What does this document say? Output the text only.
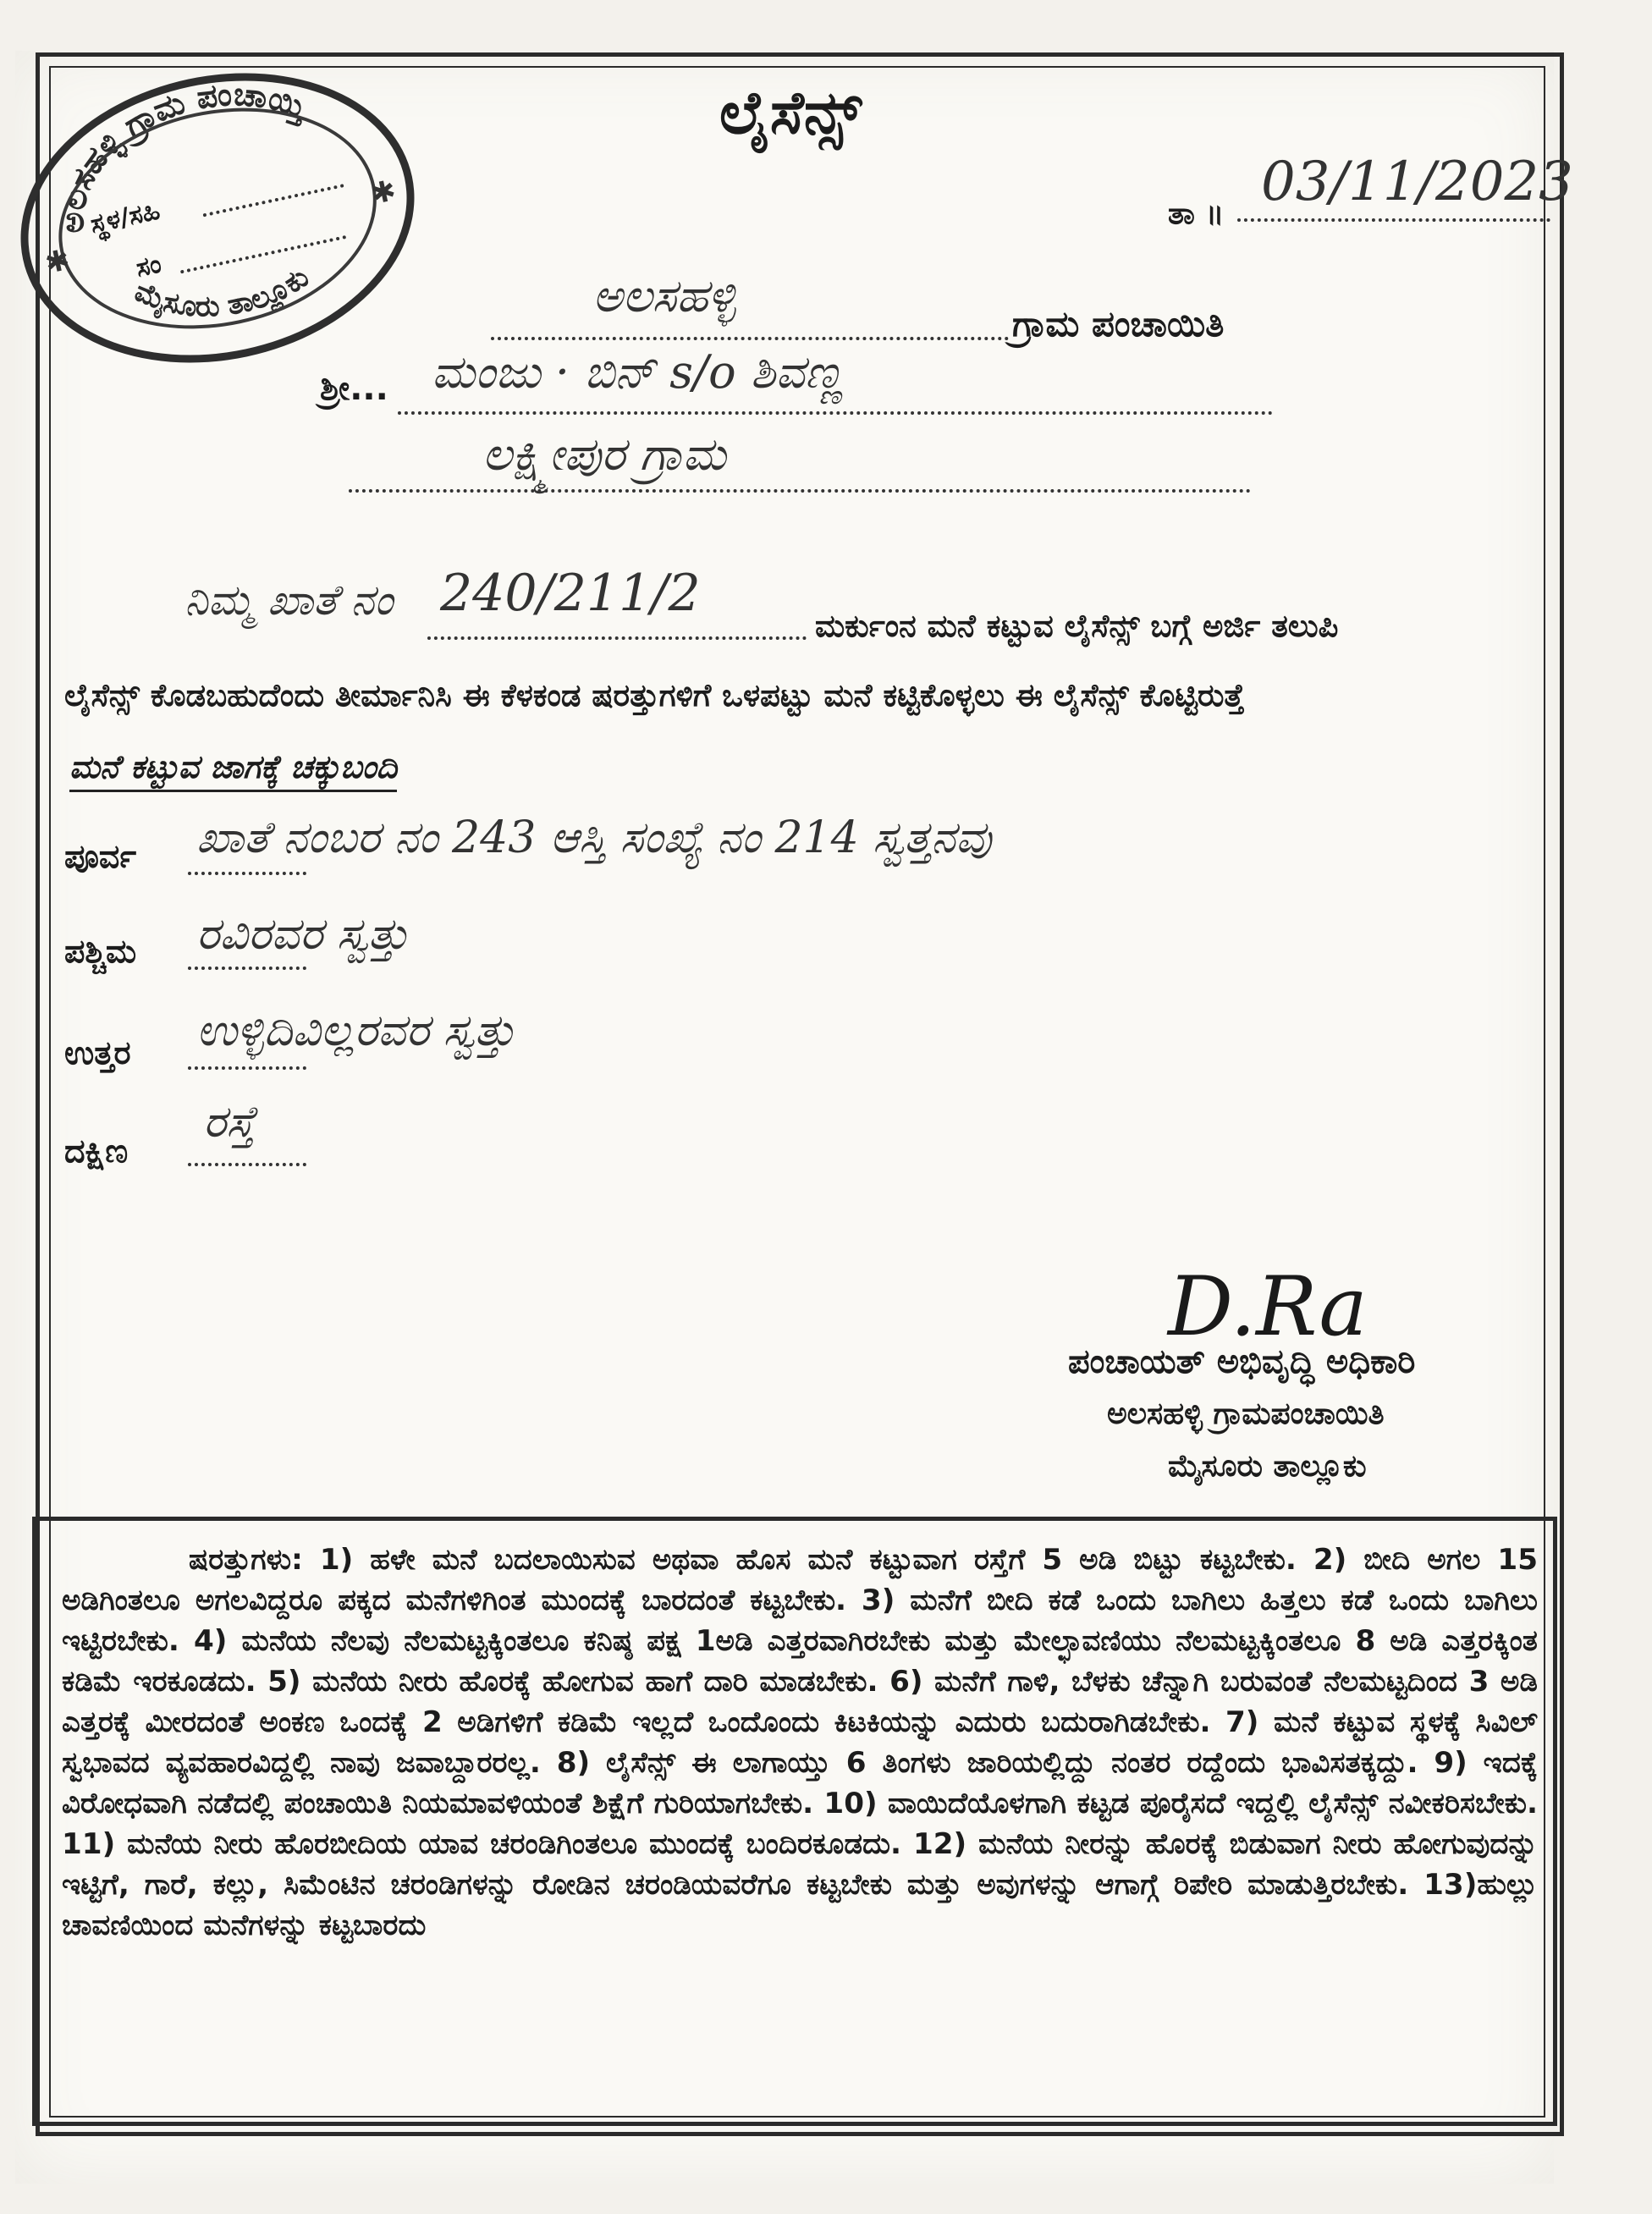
ಅಲಸಹಳ್ಳಿ ಗ್ರಾಮ ಪಂಚಾಯ್ತಿ
ಮೈಸೂರು ತಾಲ್ಲೂಕು
ಸ್ಥಳ/ಸಹಿ
ಸಂ
✱
✱
ಲೈಸೆನ್ಸ್
ತಾ ॥
03/11/2023
ಅಲಸಹಳ್ಳಿ
ಗ್ರಾಮ ಪಂಚಾಯಿತಿ
ಶ್ರೀ... ಮಂಜು · ಬಿನ್ s/o ಶಿವಣ್ಣ
ಲಕ್ಷ್ಮೀಪುರ ಗ್ರಾಮ
ನಿಮ್ಮ ಖಾತೆ ನಂ 240/211/2
ಮರ್ಕುಂನ ಮನೆ ಕಟ್ಟುವ ಲೈಸೆನ್ಸ್ ಬಗ್ಗೆ ಅರ್ಜಿ ತಲುಪಿ
ಲೈಸೆನ್ಸ್ ಕೊಡಬಹುದೆಂದು ತೀರ್ಮಾನಿಸಿ ಈ ಕೆಳಕಂಡ ಷರತ್ತುಗಳಿಗೆ ಒಳಪಟ್ಟು ಮನೆ ಕಟ್ಟಿಕೊಳ್ಳಲು ಈ ಲೈಸೆನ್ಸ್ ಕೊಟ್ಟಿರುತ್ತೆ
ಮನೆ ಕಟ್ಟುವ ಜಾಗಕ್ಕೆ ಚಕ್ಕುಬಂದಿ
ಪೂರ್ವ ಖಾತೆ ನಂಬರ ನಂ 243 ಆಸ್ತಿ ಸಂಖ್ಯೆ ನಂ 214 ಸ್ವತ್ತನವು
ಪಶ್ಚಿಮ ರವಿರವರ ಸ್ವತ್ತು
ಉತ್ತರ ಉಳ್ಳಿದಿವಿಲ್ಲರವರ ಸ್ವತ್ತು
ದಕ್ಷಿಣ
ರಸ್ತೆ
D.Ra
ಪಂಚಾಯತ್ ಅಭಿವೃದ್ಧಿ ಅಧಿಕಾರಿ
ಅಲಸಹಳ್ಳಿ ಗ್ರಾಮಪಂಚಾಯಿತಿ
ಮೈಸೂರು ತಾಲ್ಲೂಕು

ಷರತ್ತುಗಳು: 1) ಹಳೇ ಮನೆ ಬದಲಾಯಿಸುವ ಅಥವಾ ಹೊಸ ಮನೆ ಕಟ್ಟುವಾಗ ರಸ್ತೆಗೆ 5 ಅಡಿ ಬಿಟ್ಟು ಕಟ್ಟಬೇಕು. 2) ಬೀದಿ ಅಗಲ 15 ಅಡಿಗಿಂತಲೂ ಅಗಲವಿದ್ದರೂ ಪಕ್ಕದ ಮನೆಗಳಿಗಿಂತ ಮುಂದಕ್ಕೆ ಬಾರದಂತೆ ಕಟ್ಟಬೇಕು. 3) ಮನೆಗೆ ಬೀದಿ ಕಡೆ ಒಂದು ಬಾಗಿಲು ಹಿತ್ತಲು ಕಡೆ ಒಂದು ಬಾಗಿಲು ಇಟ್ಟಿರಬೇಕು. 4) ಮನೆಯ ನೆಲವು ನೆಲಮಟ್ಟಕ್ಕಿಂತಲೂ ಕನಿಷ್ಠ ಪಕ್ಷ 1ಅಡಿ ಎತ್ತರವಾಗಿರಬೇಕು ಮತ್ತು ಮೇಲ್ಛಾವಣಿಯು ನೆಲಮಟ್ಟಕ್ಕಿಂತಲೂ 8 ಅಡಿ ಎತ್ತರಕ್ಕಿಂತ ಕಡಿಮೆ ಇರಕೂಡದು. 5) ಮನೆಯ ನೀರು ಹೊರಕ್ಕೆ ಹೋಗುವ ಹಾಗೆ ದಾರಿ ಮಾಡಬೇಕು. 6) ಮನೆಗೆ ಗಾಳಿ, ಬೆಳಕು ಚೆನ್ನಾಗಿ ಬರುವಂತೆ ನೆಲಮಟ್ಟದಿಂದ 3 ಅಡಿ ಎತ್ತರಕ್ಕೆ ಮೀರದಂತೆ ಅಂಕಣ ಒಂದಕ್ಕೆ 2 ಅಡಿಗಳಿಗೆ ಕಡಿಮೆ ಇಲ್ಲದೆ ಒಂದೊಂದು ಕಿಟಕಿಯನ್ನು ಎದುರು ಬದುರಾಗಿಡಬೇಕು. 7) ಮನೆ ಕಟ್ಟುವ ಸ್ಥಳಕ್ಕೆ ಸಿವಿಲ್ ಸ್ವಭಾವದ ವ್ಯವಹಾರವಿದ್ದಲ್ಲಿ ನಾವು ಜವಾಬ್ದಾರರಲ್ಲ. 8) ಲೈಸೆನ್ಸ್ ಈ ಲಾಗಾಯ್ತು 6 ತಿಂಗಳು ಜಾರಿಯಲ್ಲಿದ್ದು ನಂತರ ರದ್ದೆಂದು ಭಾವಿಸತಕ್ಕದ್ದು. 9) ಇದಕ್ಕೆ ವಿರೋಧವಾಗಿ ನಡೆದಲ್ಲಿ ಪಂಚಾಯಿತಿ ನಿಯಮಾವಳಿಯಂತೆ ಶಿಕ್ಷೆಗೆ ಗುರಿಯಾಗಬೇಕು. 10) ವಾಯಿದೆಯೊಳಗಾಗಿ ಕಟ್ಟಡ ಪೂರೈಸದೆ ಇದ್ದಲ್ಲಿ ಲೈಸೆನ್ಸ್ ನವೀಕರಿಸಬೇಕು. 11) ಮನೆಯ ನೀರು ಹೊರಬೀದಿಯ ಯಾವ ಚರಂಡಿಗಿಂತಲೂ ಮುಂದಕ್ಕೆ ಬಂದಿರಕೂಡದು. 12) ಮನೆಯ ನೀರನ್ನು ಹೊರಕ್ಕೆ ಬಿಡುವಾಗ ನೀರು ಹೋಗುವುದನ್ನು ಇಟ್ಟಿಗೆ, ಗಾರೆ, ಕಲ್ಲು, ಸಿಮೆಂಟಿನ ಚರಂಡಿಗಳನ್ನು ರೋಡಿನ ಚರಂಡಿಯವರೆಗೂ ಕಟ್ಟಬೇಕು ಮತ್ತು ಅವುಗಳನ್ನು ಆಗಾಗ್ಗೆ ರಿಪೇರಿ ಮಾಡುತ್ತಿರಬೇಕು. 13)ಹುಲ್ಲು ಚಾವಣಿಯಿಂದ ಮನೆಗಳನ್ನು ಕಟ್ಟಬಾರದು
